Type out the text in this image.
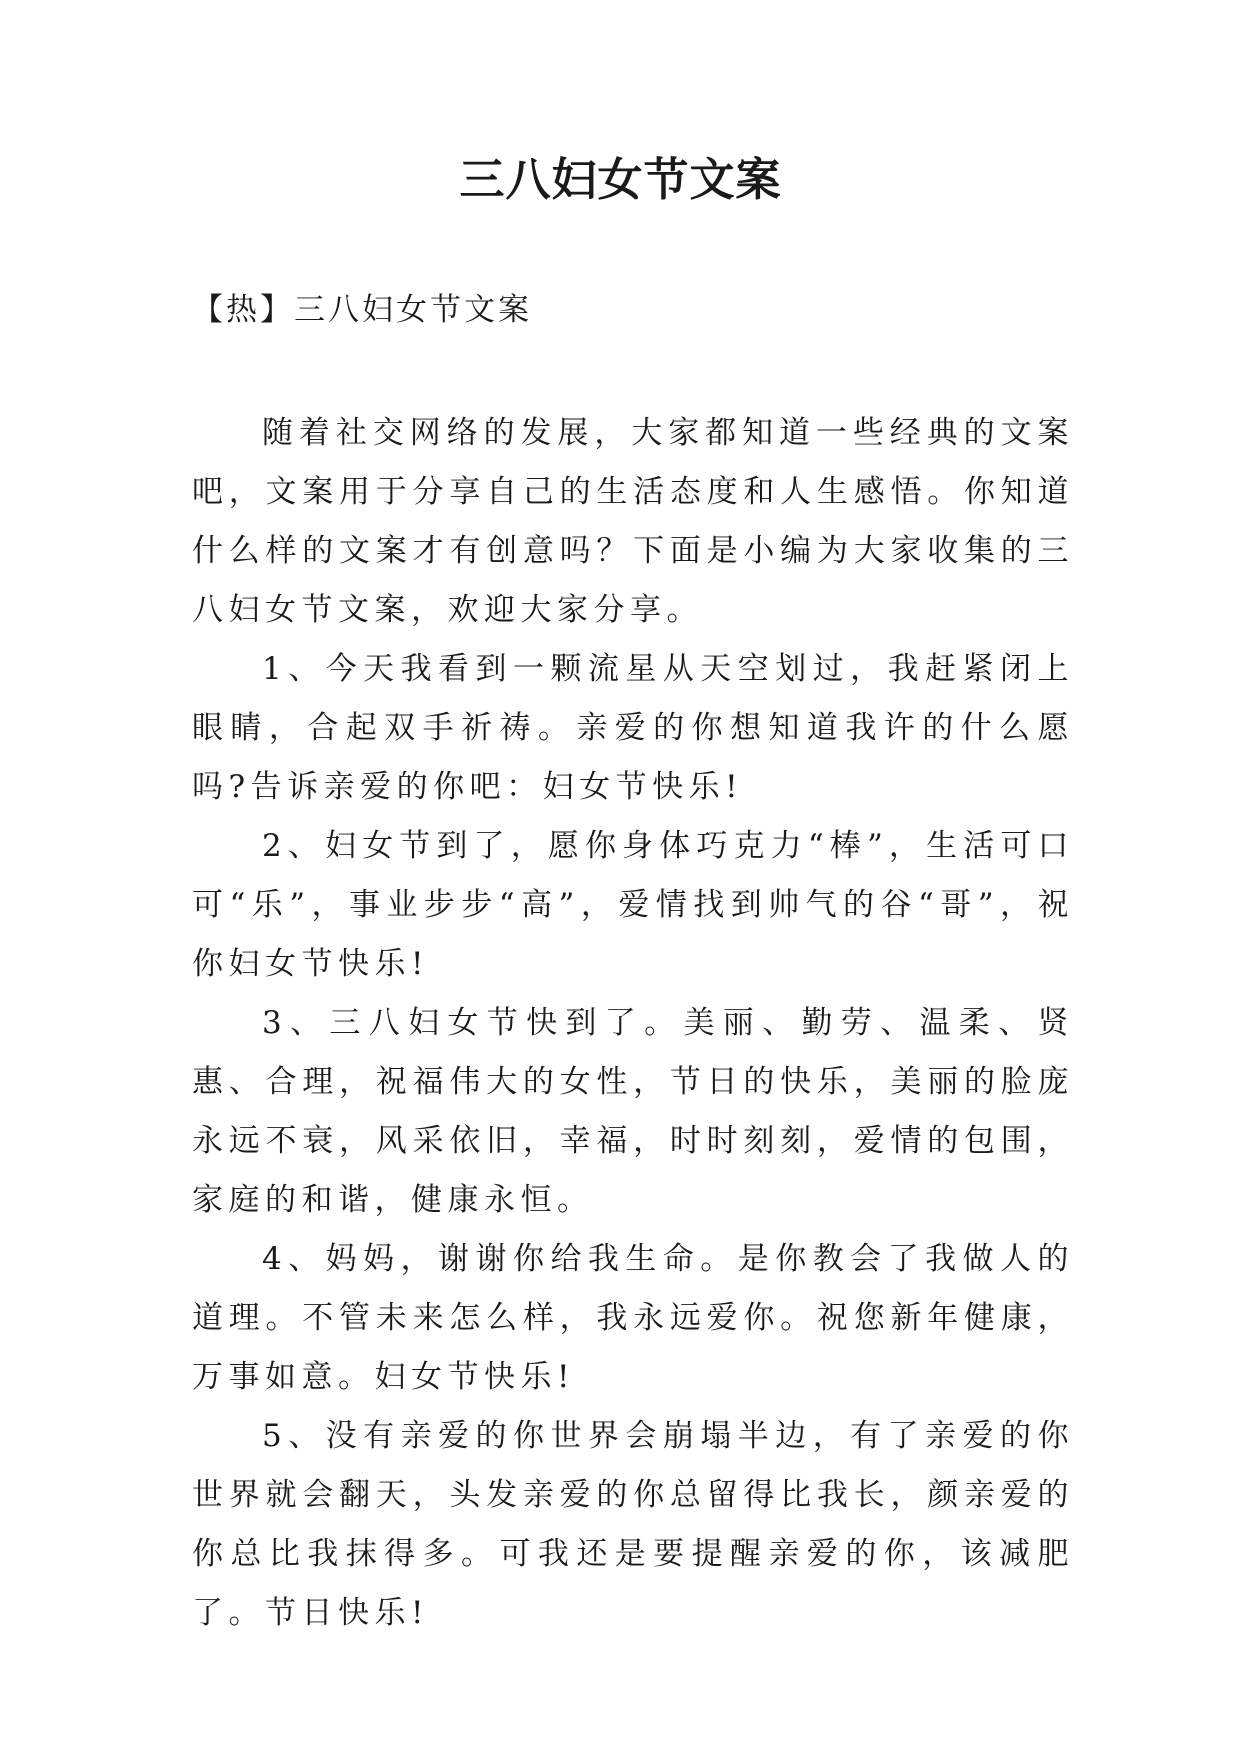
三八妇女节文案

【热】三八妇女节文案

随着社交网络的发展，大家都知道一些经典的文案吧，文案用于分享自己的生活态度和人生感悟。你知道什么样的文案才有创意吗？下面是小编为大家收集的三八妇女节文案，欢迎大家分享。

1、今天我看到一颗流星从天空划过，我赶紧闭上眼睛，合起双手祈祷。亲爱的你想知道我许的什么愿吗?告诉亲爱的你吧：妇女节快乐!

2、妇女节到了，愿你身体巧克力“棒”，生活可口可“乐”，事业步步“高”，爱情找到帅气的谷“哥”，祝你妇女节快乐!

3、三八妇女节快到了。美丽、勤劳、温柔、贤惠、合理，祝福伟大的女性，节日的快乐，美丽的脸庞永远不衰，风采依旧，幸福，时时刻刻，爱情的包围，家庭的和谐，健康永恒。

4、妈妈，谢谢你给我生命。是你教会了我做人的道理。不管未来怎么样，我永远爱你。祝您新年健康，万事如意。妇女节快乐!

5、没有亲爱的你世界会崩塌半边，有了亲爱的你世界就会翻天，头发亲爱的你总留得比我长，颜亲爱的你总比我抹得多。可我还是要提醒亲爱的你，该减肥了。节日快乐!
